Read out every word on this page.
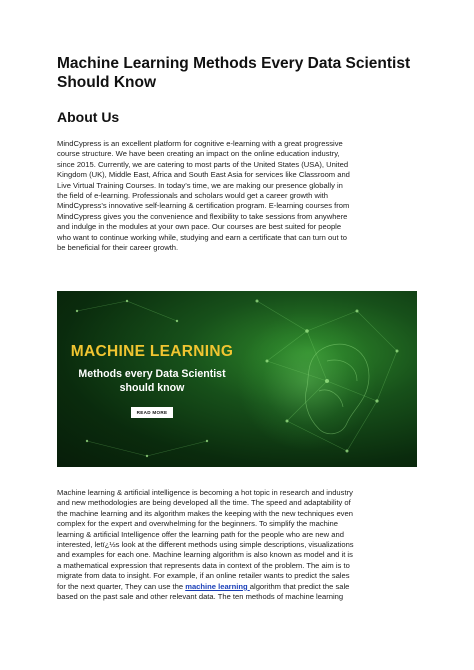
Machine Learning Methods Every Data Scientist Should Know
About Us

MindCypress is an excellent platform for cognitive e-learning with a great progressive
course structure. We have been creating an impact on the online education industry,
since 2015. Currently, we are catering to most parts of the United States (USA), United
Kingdom (UK), Middle East, Africa and South East Asia for services like Classroom and
Live Virtual Training Courses. In today’s time, we are making our presence globally in
the field of e-learning. Professionals and scholars would get a career growth with
MindCypress’s innovative self-learning & certification program. E-learning courses from
MindCypress gives you the convenience and flexibility to take sessions from anywhere
and indulge in the modules at your own pace. Our courses are best suited for people
who want to continue working while, studying and earn a certificate that can turn out to
be beneficial for their career growth.

MACHINE LEARNING
Methods every Data Scientist
should know
READ MORE

Machine learning & artificial intelligence is becoming a hot topic in research and industry
and new methodologies are being developed all the time. The speed and adaptability of
the machine learning and its algorithm makes the keeping with the new techniques even
complex for the expert and overwhelming for the beginners. To simplify the machine
learning & artificial Intelligence offer the learning path for the people who are new and
interested, letï¿½s look at the different methods using simple descriptions, visualizations
and examples for each one. Machine learning algorithm is also known as model and it is
a mathematical expression that represents data in context of the problem. The aim is to
migrate from data to insight. For example, if an online retailer wants to predict the sales
for the next quarter, They can use the machine learning algorithm that predict the sale
based on the past sale and other relevant data. The ten methods of machine learning
